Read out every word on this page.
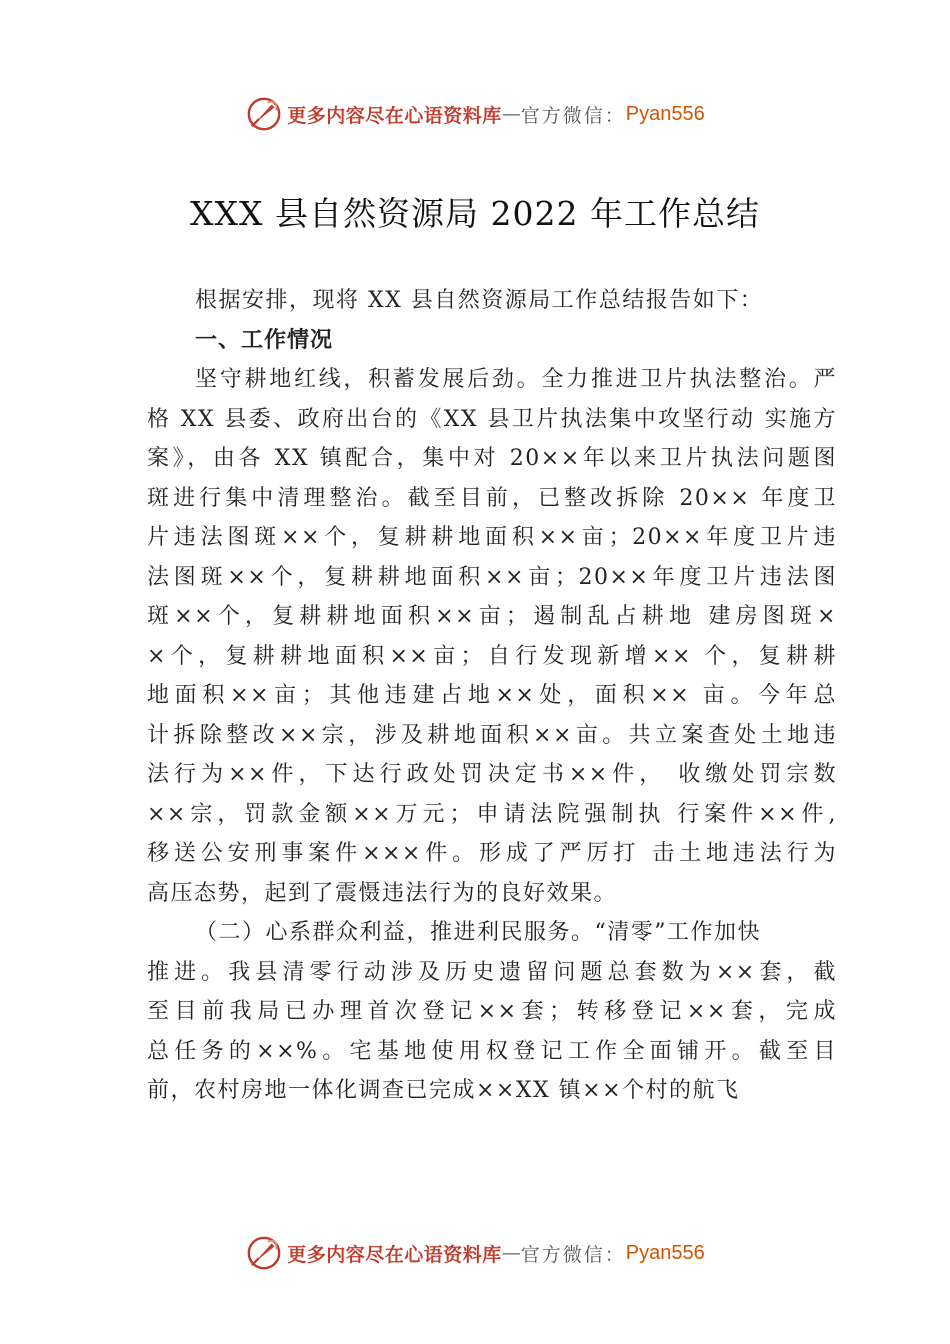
更多内容尽在心语资料库 — 官方微信： Pyan556
XXX 县自然资源局 2022 年工作总结
根据安排，现将 XX 县自然资源局工作总结报告如下：
一、工作情况
坚守耕地红线，积蓄发展后劲。全力推进卫片执法整治。严
格 XX 县委、政府出台的《XX 县卫片执法集中攻坚行动 实施方
案》，由各 XX 镇配合，集中对 20××年以来卫片执法问题图
斑进行集中清理整治。截至目前，已整改拆除 20×× 年度卫
片违法图斑××个，复耕耕地面积××亩；20××年度卫片违
法图斑××个，复耕耕地面积××亩；20××年度卫片违法图
斑××个，复耕耕地面积××亩；遏制乱占耕地 建房图斑×
×个，复耕耕地面积××亩；自行发现新增×× 个，复耕耕
地面积××亩；其他违建占地××处，面积×× 亩。今年总
计拆除整改××宗，涉及耕地面积××亩。共立案查处土地违
法行为××件，下达行政处罚决定书××件， 收缴处罚宗数
××宗，罚款金额××万元；申请法院强制执 行案件××件,
移送公安刑事案件×××件。形成了严厉打 击土地违法行为
高压态势，起到了震慑违法行为的良好效果。
（二）心系群众利益，推进利民服务。“清零”工作加快
推进。我县清零行动涉及历史遗留问题总套数为××套，截
至目前我局已办理首次登记××套；转移登记××套，完成
总任务的××%。宅基地使用权登记工作全面铺开。截至目
前，农村房地一体化调查已完成××XX 镇××个村的航飞
更多内容尽在心语资料库 — 官方微信： Pyan556
